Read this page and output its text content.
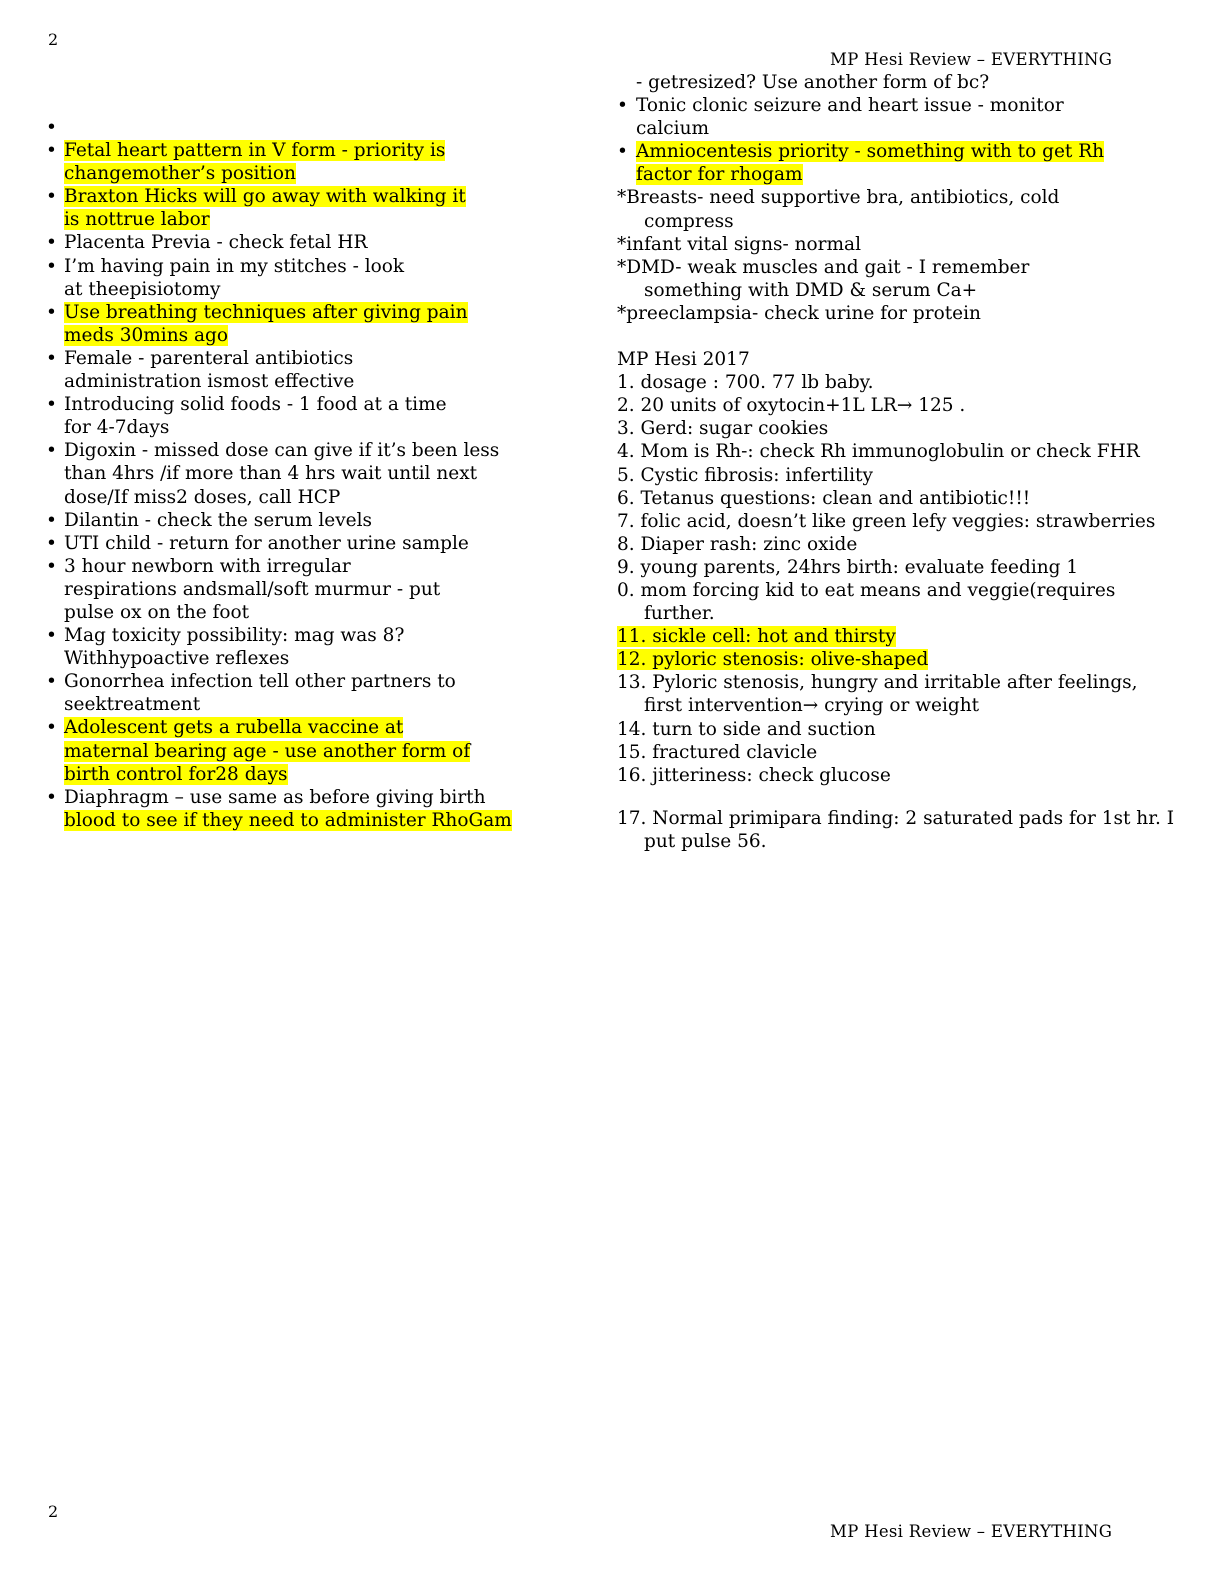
2
MP Hesi Review – EVERYTHING
•
• Fetal heart pattern in V form - priority is
changemother’s position
• Braxton Hicks will go away with walking it
is nottrue labor
• Placenta Previa - check fetal HR
• I’m having pain in my stitches - look
at theepisiotomy
• Use breathing techniques after giving pain
meds 30mins ago
• Female - parenteral antibiotics
administration ismost effective
• Introducing solid foods - 1 food at a time
for 4-7days
• Digoxin - missed dose can give if it’s been less
than 4hrs /if more than 4 hrs wait until next
dose/If miss2 doses, call HCP
• Dilantin - check the serum levels
• UTI child - return for another urine sample
• 3 hour newborn with irregular
respirations andsmall/soft murmur - put
pulse ox on the foot
• Mag toxicity possibility: mag was 8?
Withhypoactive reflexes
• Gonorrhea infection tell other partners to
seektreatment
• Adolescent gets a rubella vaccine at
maternal bearing age - use another form of
birth control for28 days
• Diaphragm – use same as before giving birth
blood to see if they need to administer RhoGam
- getresized? Use another form of bc?
• Tonic clonic seizure and heart issue - monitor
calcium
• Amniocentesis priority - something with to get Rh
factor for rhogam
*Breasts- need supportive bra, antibiotics, cold
compress
*infant vital signs- normal
*DMD- weak muscles and gait - I remember
something with DMD & serum Ca+
*preeclampsia- check urine for protein
MP Hesi 2017
1. dosage : 700. 77 lb baby.
2. 20 units of oxytocin+1L LR→ 125 .
3. Gerd: sugar cookies
4. Mom is Rh-: check Rh immunoglobulin or check FHR
5. Cystic fibrosis: infertility
6. Tetanus questions: clean and antibiotic!!!
7. folic acid, doesn’t like green lefy veggies: strawberries
8. Diaper rash: zinc oxide
9. young parents, 24hrs birth: evaluate feeding 1
0. mom forcing kid to eat means and veggie(requires
further.
11. sickle cell: hot and thirsty
12. pyloric stenosis: olive-shaped
13. Pyloric stenosis, hungry and irritable after feelings,
first intervention→ crying or weight
14. turn to side and suction
15. fractured clavicle
16. jitteriness: check glucose
17. Normal primipara finding: 2 saturated pads for 1st hr. I
put pulse 56.
2
MP Hesi Review – EVERYTHING
